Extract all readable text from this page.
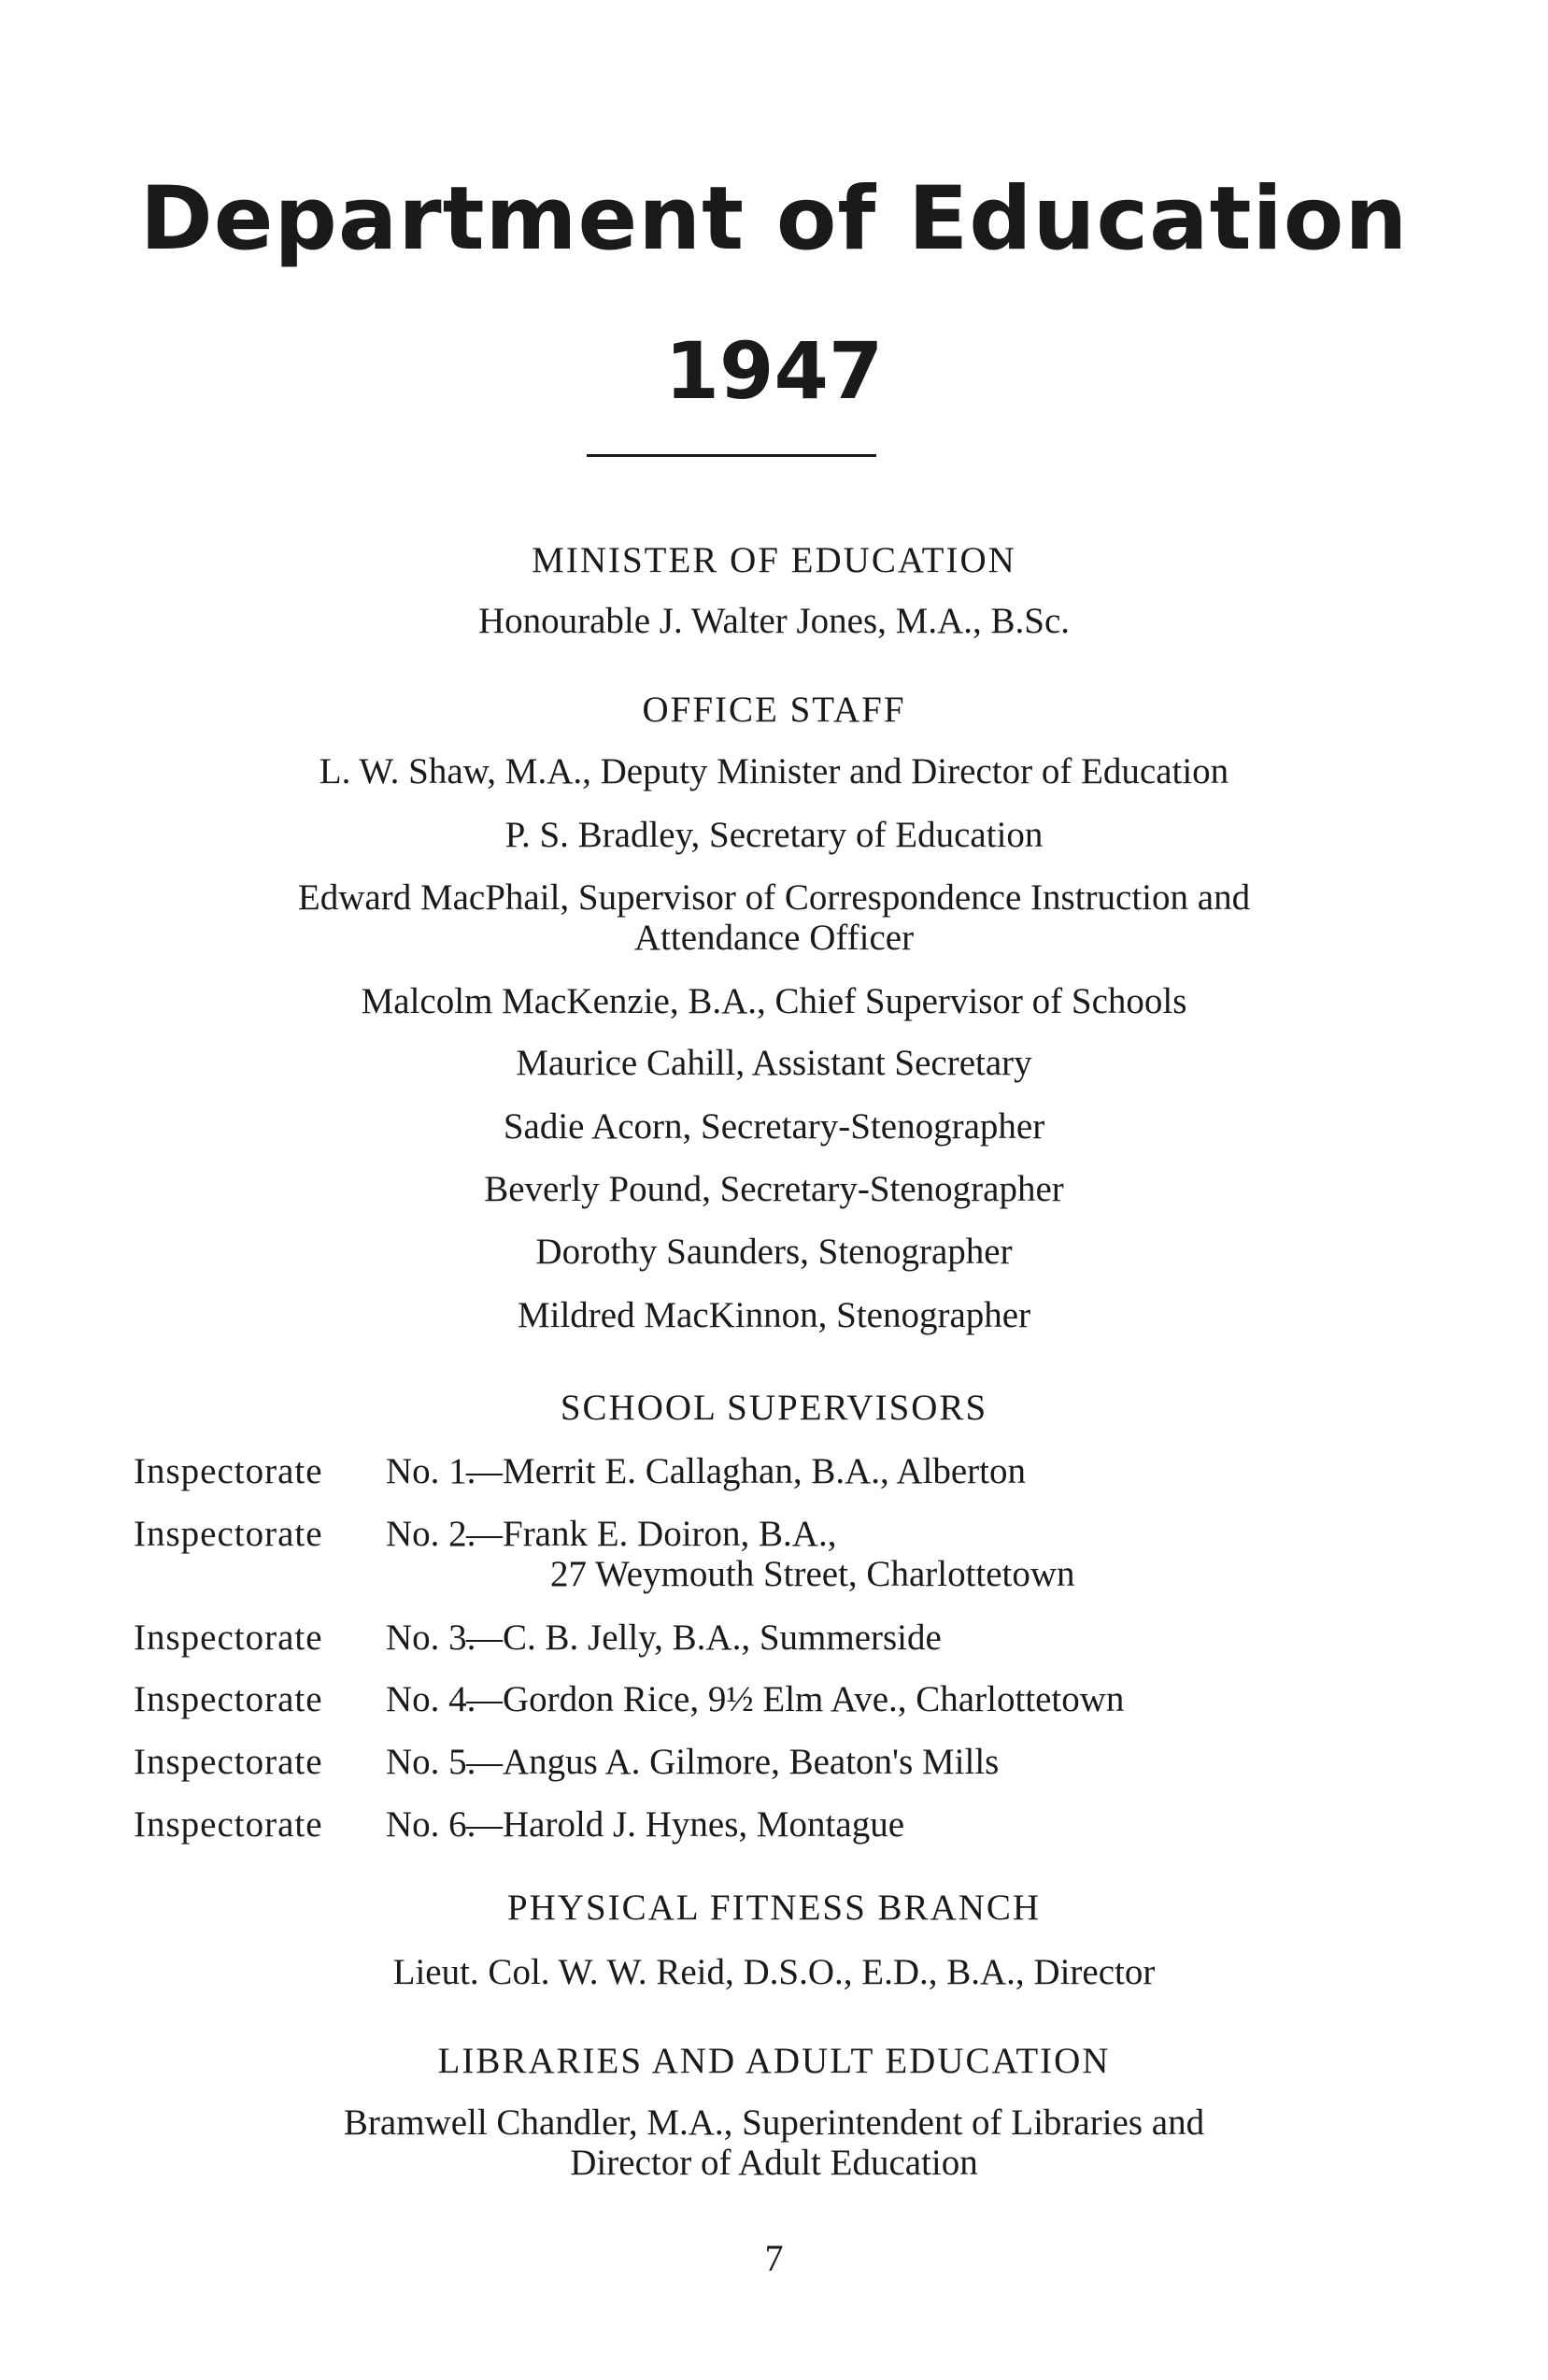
Department of Education
1947
MINISTER OF EDUCATION
Honourable J. Walter Jones, M.A., B.Sc.
OFFICE STAFF
L. W. Shaw, M.A., Deputy Minister and Director of Education
P. S. Bradley, Secretary of Education
Edward MacPhail, Supervisor of Correspondence Instruction and
Attendance Officer
Malcolm MacKenzie, B.A., Chief Supervisor of Schools
Maurice Cahill, Assistant Secretary
Sadie Acorn, Secretary-Stenographer
Beverly Pound, Secretary-Stenographer
Dorothy Saunders, Stenographer
Mildred MacKinnon, Stenographer
SCHOOL SUPERVISORS
Inspectorate No. 1.—Merrit E. Callaghan, B.A., Alberton
Inspectorate No. 2.—Frank E. Doiron, B.A.,
27 Weymouth Street, Charlottetown
Inspectorate No. 3.—C. B. Jelly, B.A., Summerside
Inspectorate No. 4.—Gordon Rice, 9½ Elm Ave., Charlottetown
Inspectorate No. 5.—Angus A. Gilmore, Beaton's Mills
Inspectorate No. 6.—Harold J. Hynes, Montague
PHYSICAL FITNESS BRANCH
Lieut. Col. W. W. Reid, D.S.O., E.D., B.A., Director
LIBRARIES AND ADULT EDUCATION
Bramwell Chandler, M.A., Superintendent of Libraries and
Director of Adult Education
7
